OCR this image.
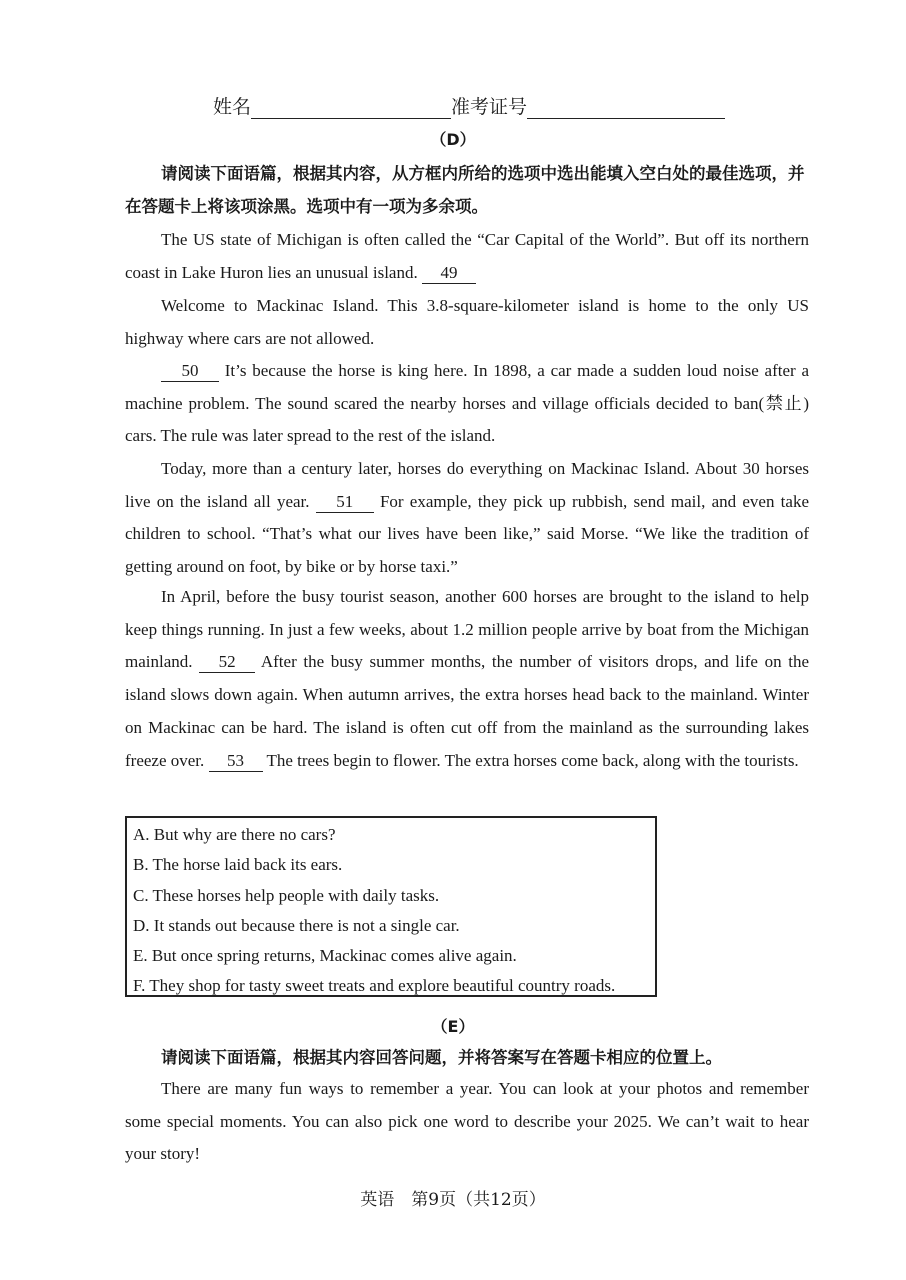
姓名	准考证号
（D）
请阅读下面语篇，根据其内容，从方框内所给的选项中选出能填入空白处的最佳选项，并在答题卡上将该项涂黑。选项中有一项为多余项。
The US state of Michigan is often called the “Car Capital of the World”. But off its northern coast in Lake Huron lies an unusual island. 49
Welcome to Mackinac Island. This 3.8-square-kilometer island is home to the only US highway where cars are not allowed.
50 It’s because the horse is king here. In 1898, a car made a sudden loud noise after a machine problem. The sound scared the nearby horses and village officials decided to ban(禁止) cars. The rule was later spread to the rest of the island.
Today, more than a century later, horses do everything on Mackinac Island. About 30 horses live on the island all year. 51 For example, they pick up rubbish, send mail, and even take children to school. “That’s what our lives have been like,” said Morse. “We like the tradition of getting around on foot, by bike or by horse taxi.”
In April, before the busy tourist season, another 600 horses are brought to the island to help keep things running. In just a few weeks, about 1.2 million people arrive by boat from the Michigan mainland. 52 After the busy summer months, the number of visitors drops, and life on the island slows down again. When autumn arrives, the extra horses head back to the mainland. Winter on Mackinac can be hard. The island is often cut off from the mainland as the surrounding lakes freeze over. 53 The trees begin to flower. The extra horses come back, along with the tourists.
A. But why are there no cars?
B. The horse laid back its ears.
C. These horses help people with daily tasks.
D. It stands out because there is not a single car.
E. But once spring returns, Mackinac comes alive again.
F. They shop for tasty sweet treats and explore beautiful country roads.
（E）
请阅读下面语篇，根据其内容回答问题，并将答案写在答题卡相应的位置上。
There are many fun ways to remember a year. You can look at your photos and remember some special moments. You can also pick one word to describe your 2025. We can’t wait to hear your story!
英语　第9页（共12页）
